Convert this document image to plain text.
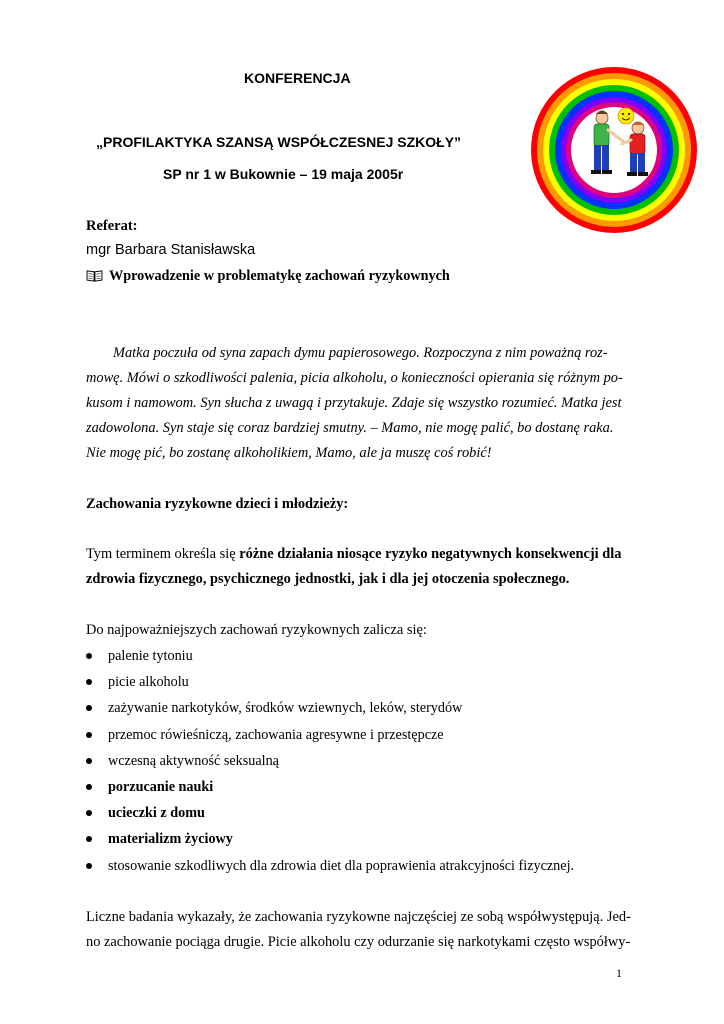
KONFERENCJA
„PROFILAKTYKA SZANSĄ WSPÓŁCZESNEJ SZKOŁY”
SP nr 1 w Bukownie – 19 maja 2005r
Referat:
mgr Barbara Stanisławska
Wprowadzenie w problematykę zachowań ryzykownych
Matka poczuła od syna zapach dymu papierosowego. Rozpoczyna z nim poważną roz-
mowę. Mówi o szkodliwości palenia, picia alkoholu, o konieczności opierania się różnym po-
kusom i namowom. Syn słucha z uwagą i przytakuje. Zdaje się wszystko rozumieć. Matka jest
zadowolona. Syn staje się coraz bardziej smutny. – Mamo, nie mogę palić, bo dostanę raka.
Nie mogę pić, bo zostanę alkoholikiem, Mamo, ale ja muszę coś robić!
Zachowania ryzykowne dzieci i młodzieży:
Tym terminem określa się różne działania niosące ryzyko negatywnych konsekwencji dla
zdrowia fizycznego, psychicznego jednostki, jak i dla jej otoczenia społecznego.
Do najpoważniejszych zachowań ryzykownych zalicza się:
palenie tytoniu
picie alkoholu
zażywanie narkotyków, środków wziewnych, leków, sterydów
przemoc rówieśniczą, zachowania agresywne i przestępcze
wczesną aktywność seksualną
porzucanie nauki
ucieczki z domu
materializm życiowy
stosowanie szkodliwych dla zdrowia diet dla poprawienia atrakcyjności fizycznej.
Liczne badania wykazały, że zachowania ryzykowne najczęściej ze sobą współwystępują. Jed-
no zachowanie pociąga drugie. Picie alkoholu czy odurzanie się narkotykami często współwy-
1
